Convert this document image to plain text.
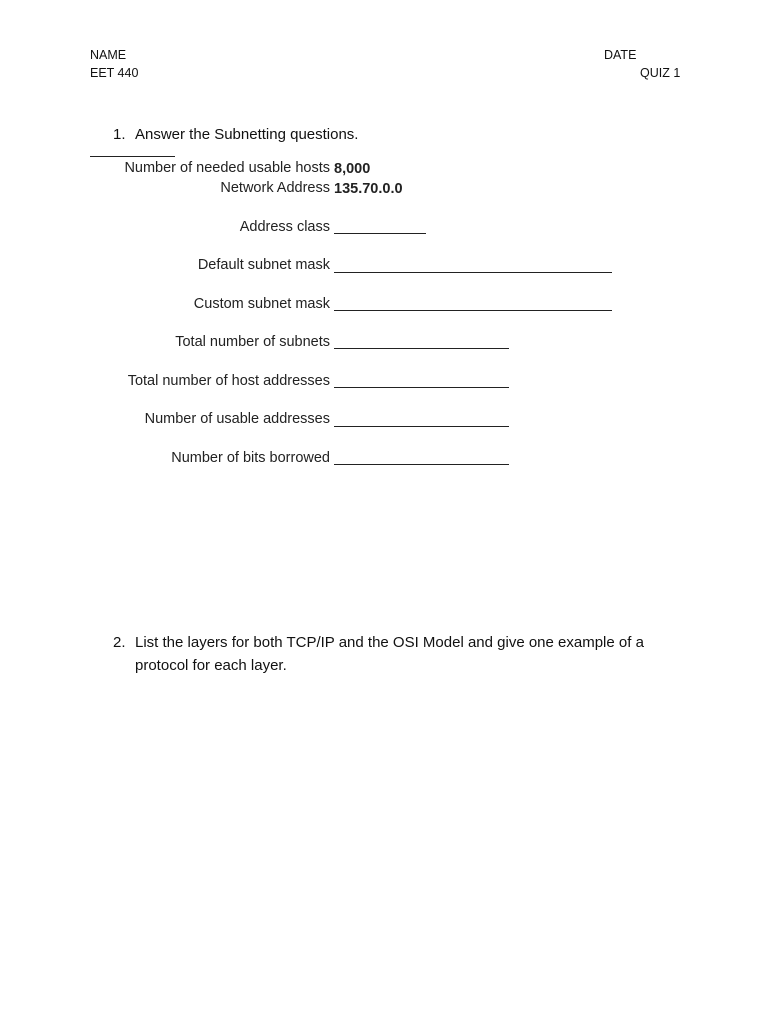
NAME
EET 440
DATE
QUIZ 1
1. Answer the Subnetting questions.
Number of needed usable hosts 8,000
Network Address 135.70.0.0
Address class
Default subnet mask
Custom subnet mask
Total number of subnets
Total number of host addresses
Number of usable addresses
Number of bits borrowed
2. List the layers for both TCP/IP and the OSI Model and give one example of a protocol for each layer.
